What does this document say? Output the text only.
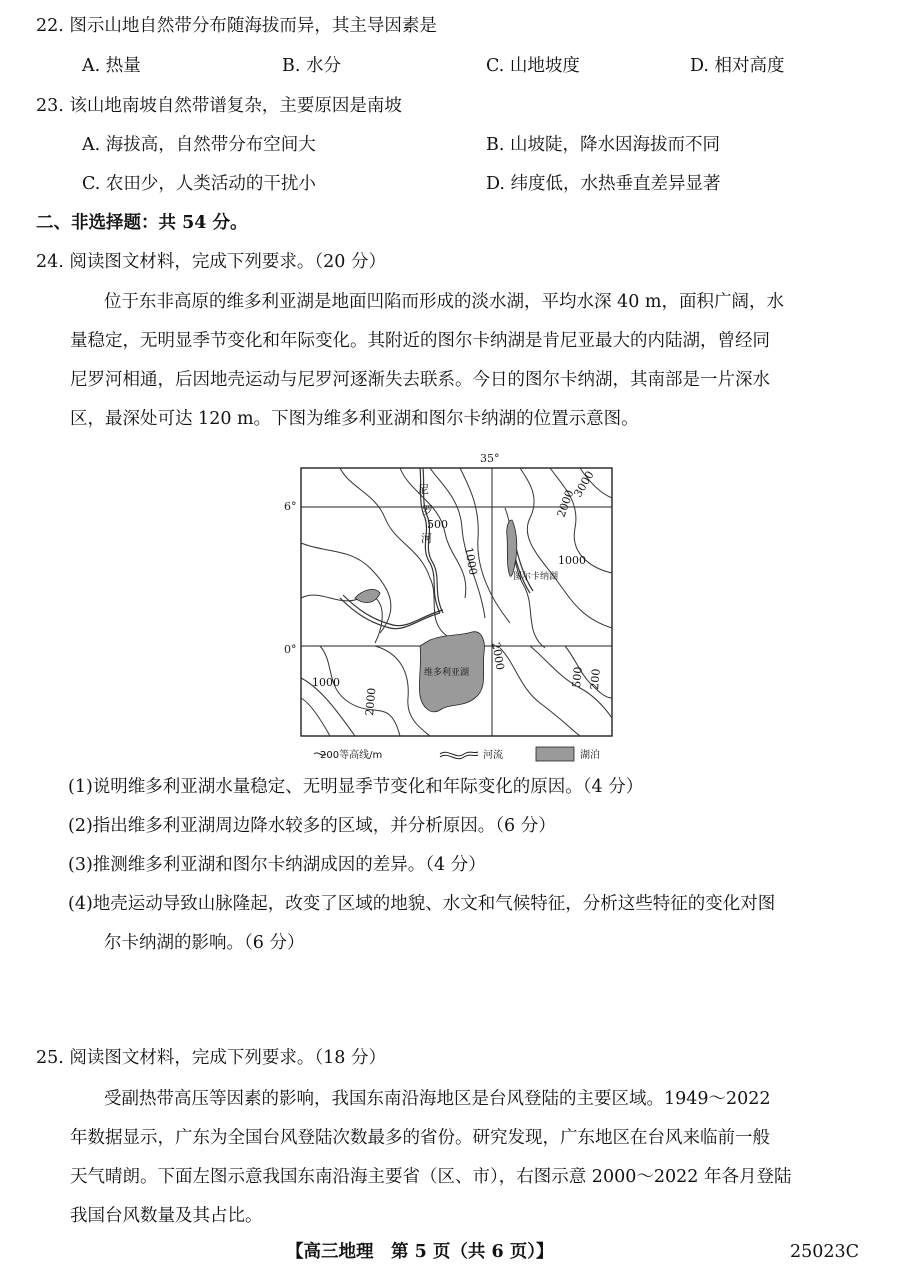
22. 图示山地自然带分布随海拔而异，其主导因素是
A. 热量	B. 水分	C. 山地坡度	D. 相对高度
23. 该山地南坡自然带谱复杂，主要原因是南坡
A. 海拔高，自然带分布空间大	B. 山坡陡，降水因海拔而不同
C. 农田少，人类活动的干扰小	D. 纬度低，水热垂直差异显著
二、非选择题：共 54 分。
24. 阅读图文材料，完成下列要求。（20 分）
位于东非高原的维多利亚湖是地面凹陷而形成的淡水湖，平均水深 40 m，面积广阔，水
量稳定，无明显季节变化和年际变化。其附近的图尔卡纳湖是肯尼亚最大的内陆湖，曾经同
尼罗河相通，后因地壳运动与尼罗河逐渐失去联系。今日的图尔卡纳湖，其南部是一片深水
区，最深处可达 120 m。下图为维多利亚湖和图尔卡纳湖的位置示意图。
35°
6°
0°
尼
罗
河
500
1000
2000
3000
1000
2000
1000
2000
500 200
图尔卡纳湖
维多利亚湖
200等高线/m	河流	湖泊
(1)说明维多利亚湖水量稳定、无明显季节变化和年际变化的原因。（4 分）
(2)指出维多利亚湖周边降水较多的区域，并分析原因。（6 分）
(3)推测维多利亚湖和图尔卡纳湖成因的差异。（4 分）
(4)地壳运动导致山脉隆起，改变了区域的地貌、水文和气候特征，分析这些特征的变化对图
尔卡纳湖的影响。（6 分）
25. 阅读图文材料，完成下列要求。（18 分）
受副热带高压等因素的影响，我国东南沿海地区是台风登陆的主要区域。1949～2022
年数据显示，广东为全国台风登陆次数最多的省份。研究发现，广东地区在台风来临前一般
天气晴朗。下面左图示意我国东南沿海主要省（区、市），右图示意 2000～2022 年各月登陆
我国台风数量及其占比。
【高三地理　第 5 页（共 6 页）】	25023C
